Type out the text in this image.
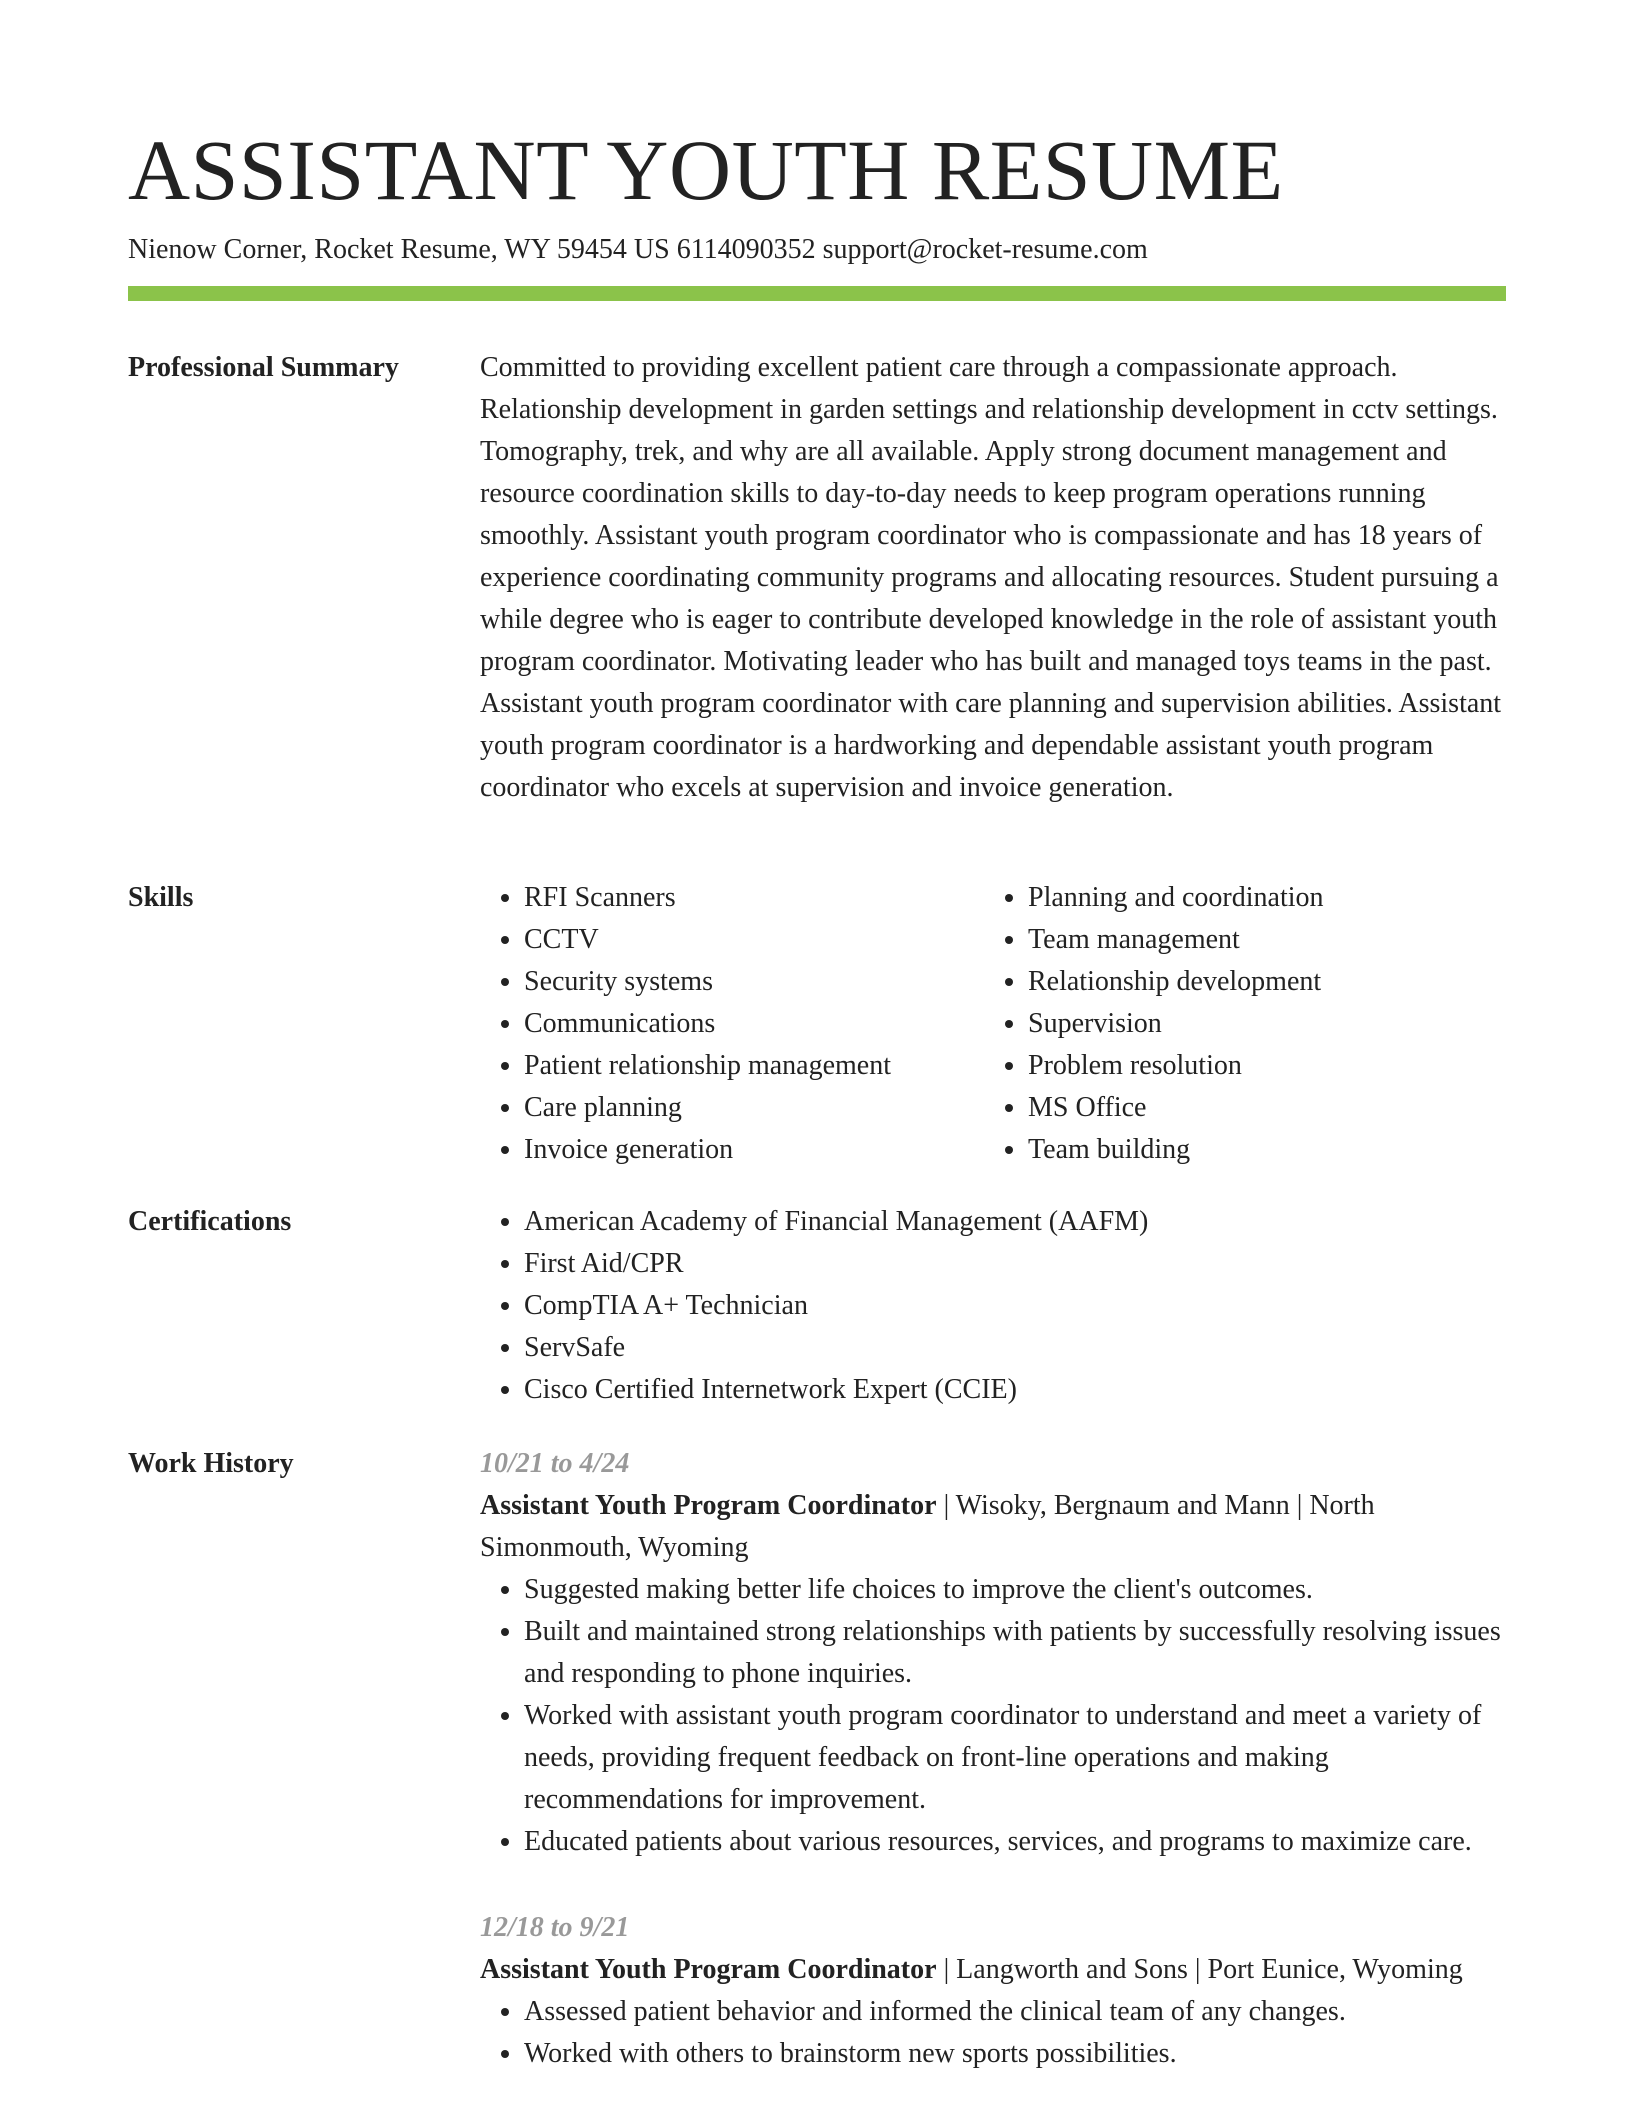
ASSISTANT YOUTH RESUME
Nienow Corner, Rocket Resume, WY 59454 US 6114090352 support@rocket-resume.com
Professional Summary	Committed to providing excellent patient care through a compassionate approach. Relationship development in garden settings and relationship development in cctv settings. Tomography, trek, and why are all available. Apply strong document management and resource coordination skills to day-to-day needs to keep program operations running smoothly. Assistant youth program coordinator who is compassionate and has 18 years of experience coordinating community programs and allocating resources. Student pursuing a while degree who is eager to contribute developed knowledge in the role of assistant youth program coordinator. Motivating leader who has built and managed toys teams in the past. Assistant youth program coordinator with care planning and supervision abilities. Assistant youth program coordinator is a hardworking and dependable assistant youth program coordinator who excels at supervision and invoice generation.

Skills	• RFI Scanners
• CCTV
• Security systems
• Communications
• Patient relationship management
• Care planning
• Invoice generation
• Planning and coordination
• Team management
• Relationship development
• Supervision
• Problem resolution
• MS Office
• Team building
Certifications	• American Academy of Financial Management (AAFM)
• First Aid/CPR
• CompTIA A+ Technician
• ServSafe
• Cisco Certified Internetwork Expert (CCIE)
Work History	10/21 to 4/24
Assistant Youth Program Coordinator | Wisoky, Bergnaum and Mann | North Simonmouth, Wyoming
• Suggested making better life choices to improve the client's outcomes.
• Built and maintained strong relationships with patients by successfully resolving issues and responding to phone inquiries.
• Worked with assistant youth program coordinator to understand and meet a variety of needs, providing frequent feedback on front-line operations and making recommendations for improvement.
• Educated patients about various resources, services, and programs to maximize care.
12/18 to 9/21
Assistant Youth Program Coordinator | Langworth and Sons | Port Eunice, Wyoming
• Assessed patient behavior and informed the clinical team of any changes.
• Worked with others to brainstorm new sports possibilities.
